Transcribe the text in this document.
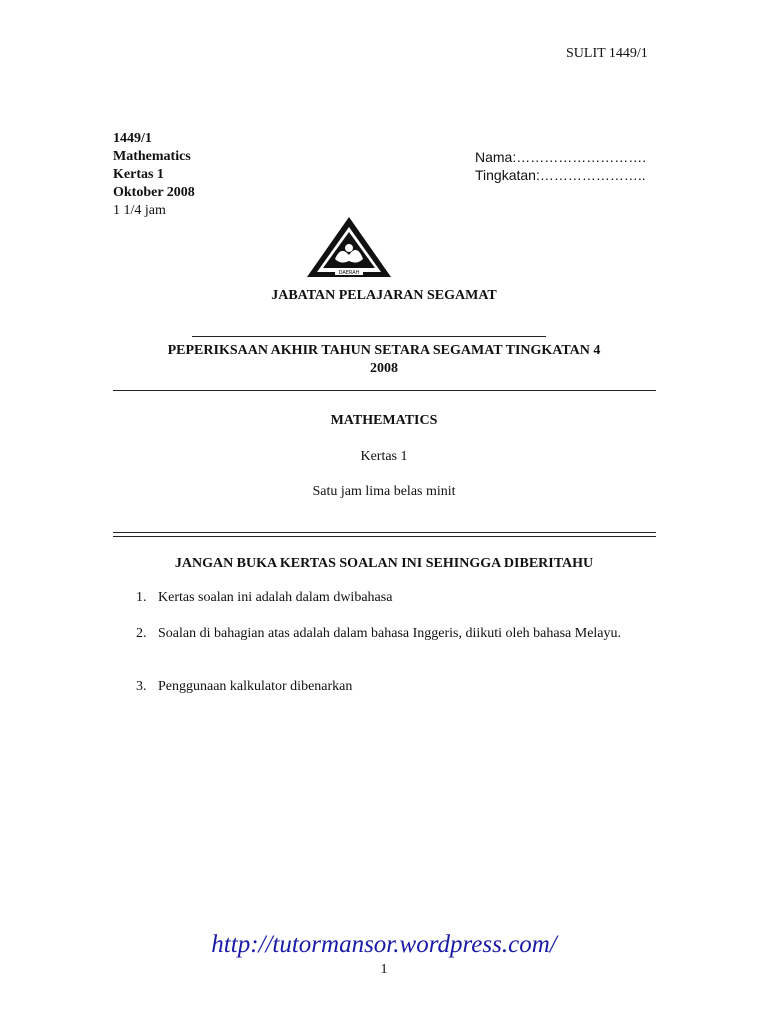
SULIT 1449/1
1449/1
Mathematics
Kertas 1
Oktober 2008
1 1/4 jam
Nama:……………………….
Tingkatan:…………………..
DAERAH
JABATAN PELAJARAN SEGAMAT
PEPERIKSAAN AKHIR TAHUN SETARA SEGAMAT TINGKATAN 4
2008
MATHEMATICS
Kertas 1
Satu jam lima belas minit
JANGAN BUKA KERTAS SOALAN INI SEHINGGA DIBERITAHU
1. Kertas soalan ini adalah dalam dwibahasa
2. Soalan di bahagian atas adalah dalam bahasa Inggeris, diikuti oleh bahasa Melayu.
3. Penggunaan kalkulator dibenarkan
http://tutormansor.wordpress.com/
1
